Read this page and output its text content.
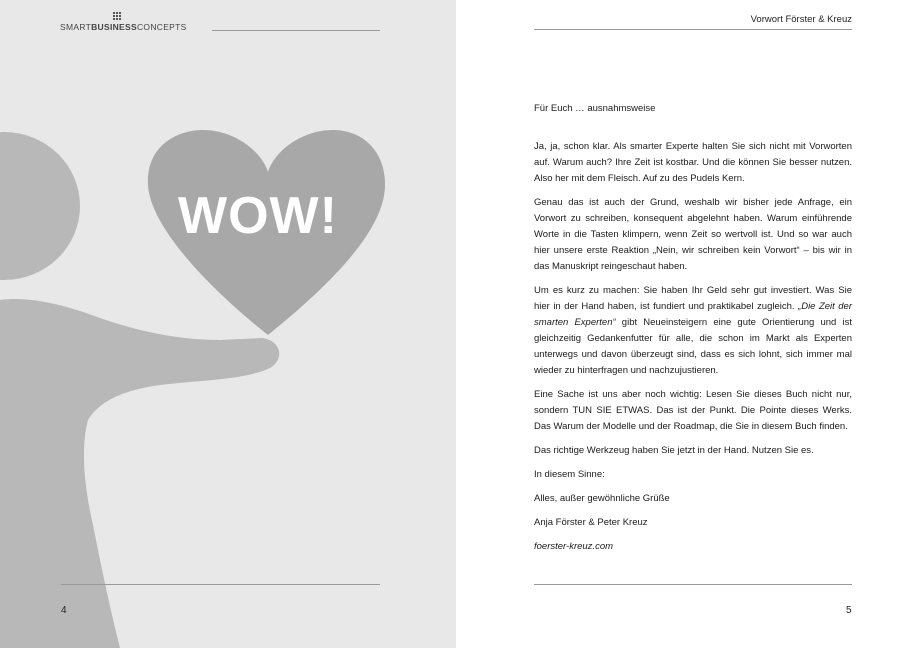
SMARTBUSINESSCONCEPTS
WOW!
4
Vorwort Förster & Kreuz

Für Euch … ausnahmsweise

Ja, ja, schon klar. Als smarter Experte halten Sie sich nicht mit Vorworten auf. Warum auch? Ihre Zeit ist kostbar. Und die können Sie besser nutzen. Also her mit dem Fleisch. Auf zu des Pudels Kern.

Genau das ist auch der Grund, weshalb wir bisher jede Anfrage, ein Vorwort zu schreiben, konsequent abgelehnt haben. Warum einführende Worte in die Tasten klimpern, wenn Zeit so wertvoll ist. Und so war auch hier unsere erste Reaktion „Nein, wir schreiben kein Vorwort“ – bis wir in das Manuskript reingeschaut haben.

Um es kurz zu machen: Sie haben Ihr Geld sehr gut investiert. Was Sie hier in der Hand haben, ist fundiert und praktikabel zugleich. „Die Zeit der smarten Experten“ gibt Neueinsteigern eine gute Orientierung und ist gleichzeitig Gedankenfutter für alle, die schon im Markt als Experten unterwegs und davon überzeugt sind, dass es sich lohnt, sich immer mal wieder zu hinterfragen und nachzujustieren.

Eine Sache ist uns aber noch wichtig: Lesen Sie dieses Buch nicht nur, sondern TUN SIE ETWAS. Das ist der Punkt. Die Pointe dieses Werks. Das Warum der Modelle und der Roadmap, die Sie in diesem Buch finden.

Das richtige Werkzeug haben Sie jetzt in der Hand. Nutzen Sie es.

In diesem Sinne:

Alles, außer gewöhnliche Grüße

Anja Förster & Peter Kreuz

foerster-kreuz.com

5
